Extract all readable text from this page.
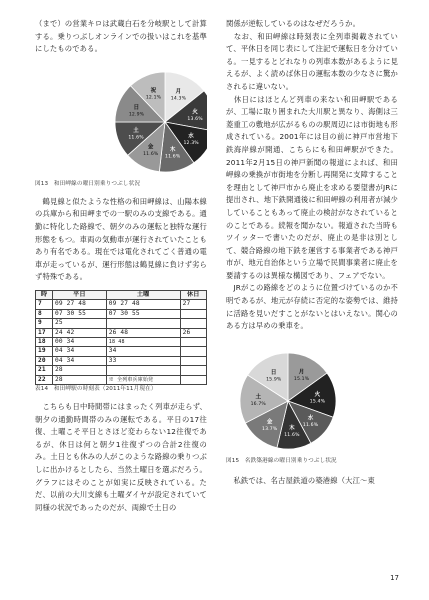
（まで）の営業キロは武蔵白石を分岐駅として計算する。乗りつぶしオンラインでの扱いはこれを基準にしたものである。

月
14.3%
火
13.6%
水
12.3%
木
11.6%
金
11.6%
土
11.6%
日
12.9%
祝
12.1%

図13　和田岬線の曜日別乗りつぶし状況

　鶴見線と似たような性格の和田岬線は、山陽本線の兵庫から和田岬までの一駅のみの支線である。通勤に特化した路線で、朝夕のみの運転と独特な運行形態をもつ。車両の気動車が運行されていたこともあり有名である。現在では電化されてごく普通の電車が走っているが、運行形態は鶴見線に負けず劣らず特殊である。

時	平日	土曜	休日
7	09 27 48	09 27 48	27
8	07 30 55	07 30 55	
9	25		
17	24 42	26 48	26
18	00 34	18 48	
19	04 34	34	
20	04 34	33	
21	28		
22	28	※ 全列車兵庫始発	

表14　和田岬駅の時刻表（2011年11月現在）

　こちらも日中時間帯にはまったく列車が走らず、朝夕の通勤時間帯のみの運転である。平日の17往復、土曜こそ平日とさほど変わらない12往復であるが、休日は何と朝夕1往復ずつの合計2往復のみ。土日とも休みの人がこのような路線の乗りつぶしに出かけるとしたら、当然土曜日を選ぶだろう。グラフにはそのことが如実に反映されている。ただ、以前の大川支線も土曜ダイヤが設定されていて同様の状況であったのだが、両線で土日の

関係が逆転しているのはなぜだろうか。

　なお、和田岬線は時刻表に全列車掲載されていて、平休日を同じ表にして注記で運転日を分けている。一見するとどれなりの列車本数があるように見えるが、よく読めば休日の運転本数の少なさに驚かされるに違いない。

　休日にはほとんど列車の来ない和田岬駅であるが、工場に取り囲まれた大川駅と異なり、海側は三菱重工の敷地が広がるものの駅周辺には市街地も形成されている。2001年には目の前に神戸市営地下鉄海岸線が開通、こちらにも和田岬駅ができた。2011年2月15日の神戸新聞の報道によれば、和田岬線の乗換が市街地を分断し再開発に支障することを理由として神戸市から廃止を求める要望書がJRに提出され、地下鉄開通後に和田岬線の利用者が減少していることもあって廃止の検討がなされているとのことである。続報を聞かない。報道された当時もツイッターで書いたのだが、廃止の是非は別として、競合路線の地下鉄を運営する事業者である神戸市が、地元自治体という立場で民間事業者に廃止を要請するのは異様な構図であり、フェアでない。

　JRがこの路線をどのように位置づけているのか不明であるが、地元が存続に否定的な姿勢では、維持に活路を見いだすことがないとはいえない。関心のある方は早めの乗車を。

月
15.1%
火
15.4%
水
11.6%
木
11.6%
金
13.7%
土
16.7%
日
15.9%

図15　名鉄築港線の曜日別乗りつぶし状況

　私鉄では、名古屋鉄道の築港線（大江〜東

17
